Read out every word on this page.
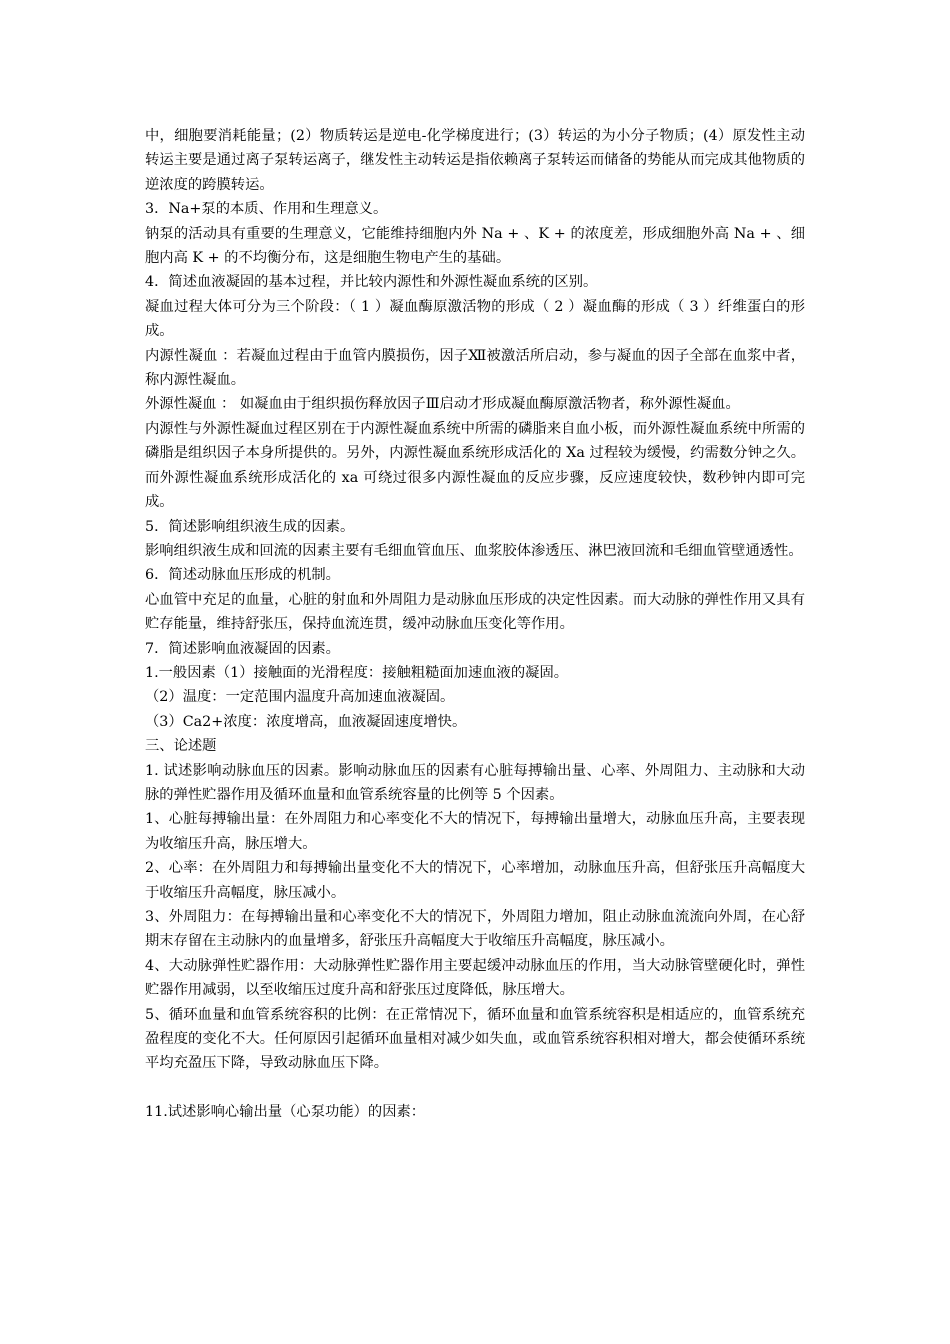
中，细胞要消耗能量；(2）物质转运是逆电-化学梯度进行；(3）转运的为小分子物质；(4）原发性主动转运主要是通过离子泵转运离子，继发性主动转运是指依赖离子泵转运而储备的势能从而完成其他物质的逆浓度的跨膜转运。

3．Na+泵的本质、作用和生理意义。

钠泵的活动具有重要的生理意义，它能维持细胞内外 Na + 、K + 的浓度差，形成细胞外高 Na + 、细胞内高 K + 的不均衡分布，这是细胞生物电产生的基础。

4．简述血液凝固的基本过程，并比较内源性和外源性凝血系统的区别。

凝血过程大体可分为三个阶段：（ 1 ）凝血酶原激活物的形成（ 2 ）凝血酶的形成（ 3 ）纤维蛋白的形成。

内源性凝血 ：若凝血过程由于血管内膜损伤，因子Ⅻ被激活所启动，参与凝血的因子全部在血浆中者，称内源性凝血。

外源性凝血 ： 如凝血由于组织损伤释放因子Ⅲ启动才形成凝血酶原激活物者，称外源性凝血。

内源性与外源性凝血过程区别在于内源性凝血系统中所需的磷脂来自血小板，而外源性凝血系统中所需的磷脂是组织因子本身所提供的。另外，内源性凝血系统形成活化的 Xa 过程较为缓慢，约需数分钟之久。而外源性凝血系统形成活化的 xa 可绕过很多内源性凝血的反应步骤，反应速度较快，数秒钟内即可完成。

5．简述影响组织液生成的因素。

影响组织液生成和回流的因素主要有毛细血管血压、血浆胶体渗透压、淋巴液回流和毛细血管壁通透性。

6．简述动脉血压形成的机制。

心血管中充足的血量，心脏的射血和外周阻力是动脉血压形成的决定性因素。而大动脉的弹性作用又具有贮存能量，维持舒张压，保持血流连贯，缓冲动脉血压变化等作用。

7．简述影响血液凝固的因素。

1.一般因素（1）接触面的光滑程度：接触粗糙面加速血液的凝固。

（2）温度：一定范围内温度升高加速血液凝固。

（3）Ca2+浓度：浓度增高，血液凝固速度增快。

三、论述题

1. 试述影响动脉血压的因素。影响动脉血压的因素有心脏每搏输出量、心率、外周阻力、主动脉和大动脉的弹性贮器作用及循环血量和血管系统容量的比例等 5 个因素。

1、心脏每搏输出量：在外周阻力和心率变化不大的情况下，每搏输出量增大，动脉血压升高，主要表现为收缩压升高，脉压增大。

2、心率：在外周阻力和每搏输出量变化不大的情况下，心率增加，动脉血压升高，但舒张压升高幅度大于收缩压升高幅度，脉压减小。

3、外周阻力：在每搏输出量和心率变化不大的情况下，外周阻力增加，阻止动脉血流流向外周，在心舒期末存留在主动脉内的血量增多，舒张压升高幅度大于收缩压升高幅度，脉压减小。

4、大动脉弹性贮器作用：大动脉弹性贮器作用主要起缓冲动脉血压的作用，当大动脉管壁硬化时，弹性贮器作用减弱，以至收缩压过度升高和舒张压过度降低，脉压增大。

5、循环血量和血管系统容积的比例：在正常情况下，循环血量和血管系统容积是相适应的，血管系统充盈程度的变化不大。任何原因引起循环血量相对减少如失血，或血管系统容积相对增大，都会使循环系统平均充盈压下降，导致动脉血压下降。

11.试述影响心输出量（心泵功能）的因素：
